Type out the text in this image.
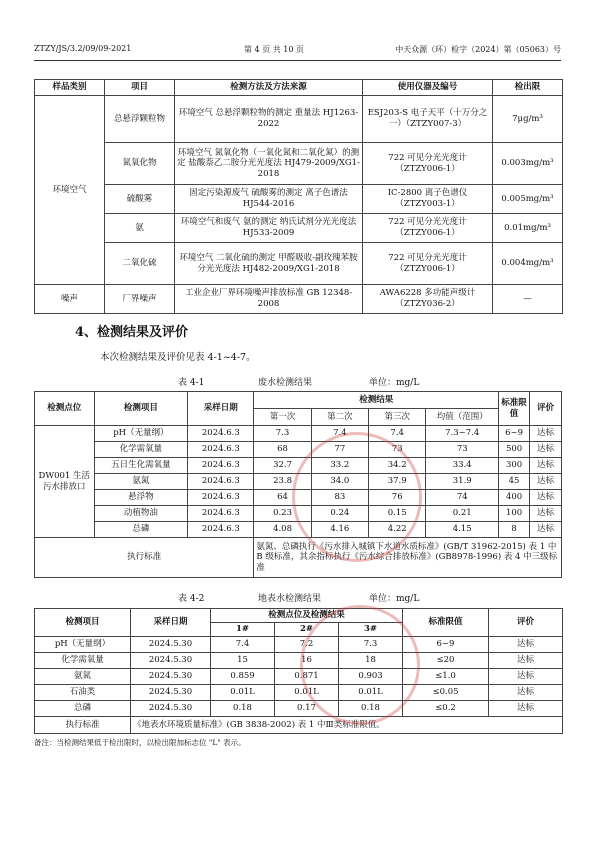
ZTZY/JS/3.2/09/09-2021	第 4 页 共 10 页	中天众源（环）检字（2024）第（05063）号
样品类别	项目	检测方法及方法来源	使用仪器及编号	检出限
环境空气	总悬浮颗粒物	环境空气 总悬浮颗粒物的测定 重量法 HJ1263-2022	ESJ203-S 电子天平（十万分之一）（ZTZY007-3）	7μg/m³
	氮氧化物	环境空气 氮氧化物（一氧化氮和二氧化氮）的测定 盐酸萘乙二胺分光光度法 HJ479-2009/XG1-2018	722 可见分光光度计（ZTZY006-1）	0.003mg/m³
	硫酸雾	固定污染源废气 硫酸雾的测定 离子色谱法 HJ544-2016	IC-2800 离子色谱仪（ZTZY003-1）	0.005mg/m³
	氨	环境空气和废气 氨的测定 纳氏试剂分光光度法 HJ533-2009	722 可见分光光度计（ZTZY006-1）	0.01mg/m³
	二氧化硫	环境空气 二氧化硫的测定 甲醛吸收-副玫瑰苯胺分光光度法 HJ482-2009/XG1-2018	722 可见分光光度计（ZTZY006-1）	0.004mg/m³
噪声	厂界噪声	工业企业厂界环境噪声排放标准 GB 12348-2008	AWA6228 多功能声级计（ZTZY036-2）	—
4、检测结果及评价
本次检测结果及评价见表 4-1~4-7。
表 4-1	废水检测结果	单位：mg/L
检测点位	检测项目	采样日期	检测结果				标准限值	评价
			第一次	第二次	第三次	均值（范围）		
DW001 生活污水排放口	pH（无量纲）	2024.6.3	7.3	7.4	7.4	7.3~7.4	6~9	达标
	化学需氧量	2024.6.3	68	77	73	73	500	达标
	五日生化需氧量	2024.6.3	32.7	33.2	34.2	33.4	300	达标
	氨氮	2024.6.3	23.8	34.0	37.9	31.9	45	达标
	悬浮物	2024.6.3	64	83	76	74	400	达标
	动植物油	2024.6.3	0.23	0.24	0.15	0.21	100	达标
	总磷	2024.6.3	4.08	4.16	4.22	4.15	8	达标
执行标准			氨氮、总磷执行《污水排入城镇下水道水质标准》(GB/T 31962-2015) 表 1 中 B 级标准，其余指标执行《污水综合排放标准》(GB8978-1996) 表 4 中三级标准					
表 4-2	地表水检测结果	单位：mg/L
检测项目	采样日期	检测点位及检测结果			标准限值	评价
		1#	2#	3#		
pH（无量纲）	2024.5.30	7.4	7.2	7.3	6~9	达标
化学需氧量	2024.5.30	15	16	18	≤20	达标
氨氮	2024.5.30	0.859	0.871	0.903	≤1.0	达标
石油类	2024.5.30	0.01L	0.01L	0.01L	≤0.05	达标
总磷	2024.5.30	0.18	0.17	0.18	≤0.2	达标
执行标准	《地表水环境质量标准》(GB 3838-2002) 表 1 中Ⅲ类标准限值。					
备注：当检测结果低于检出限时，以检出限加标志位 "L" 表示。
